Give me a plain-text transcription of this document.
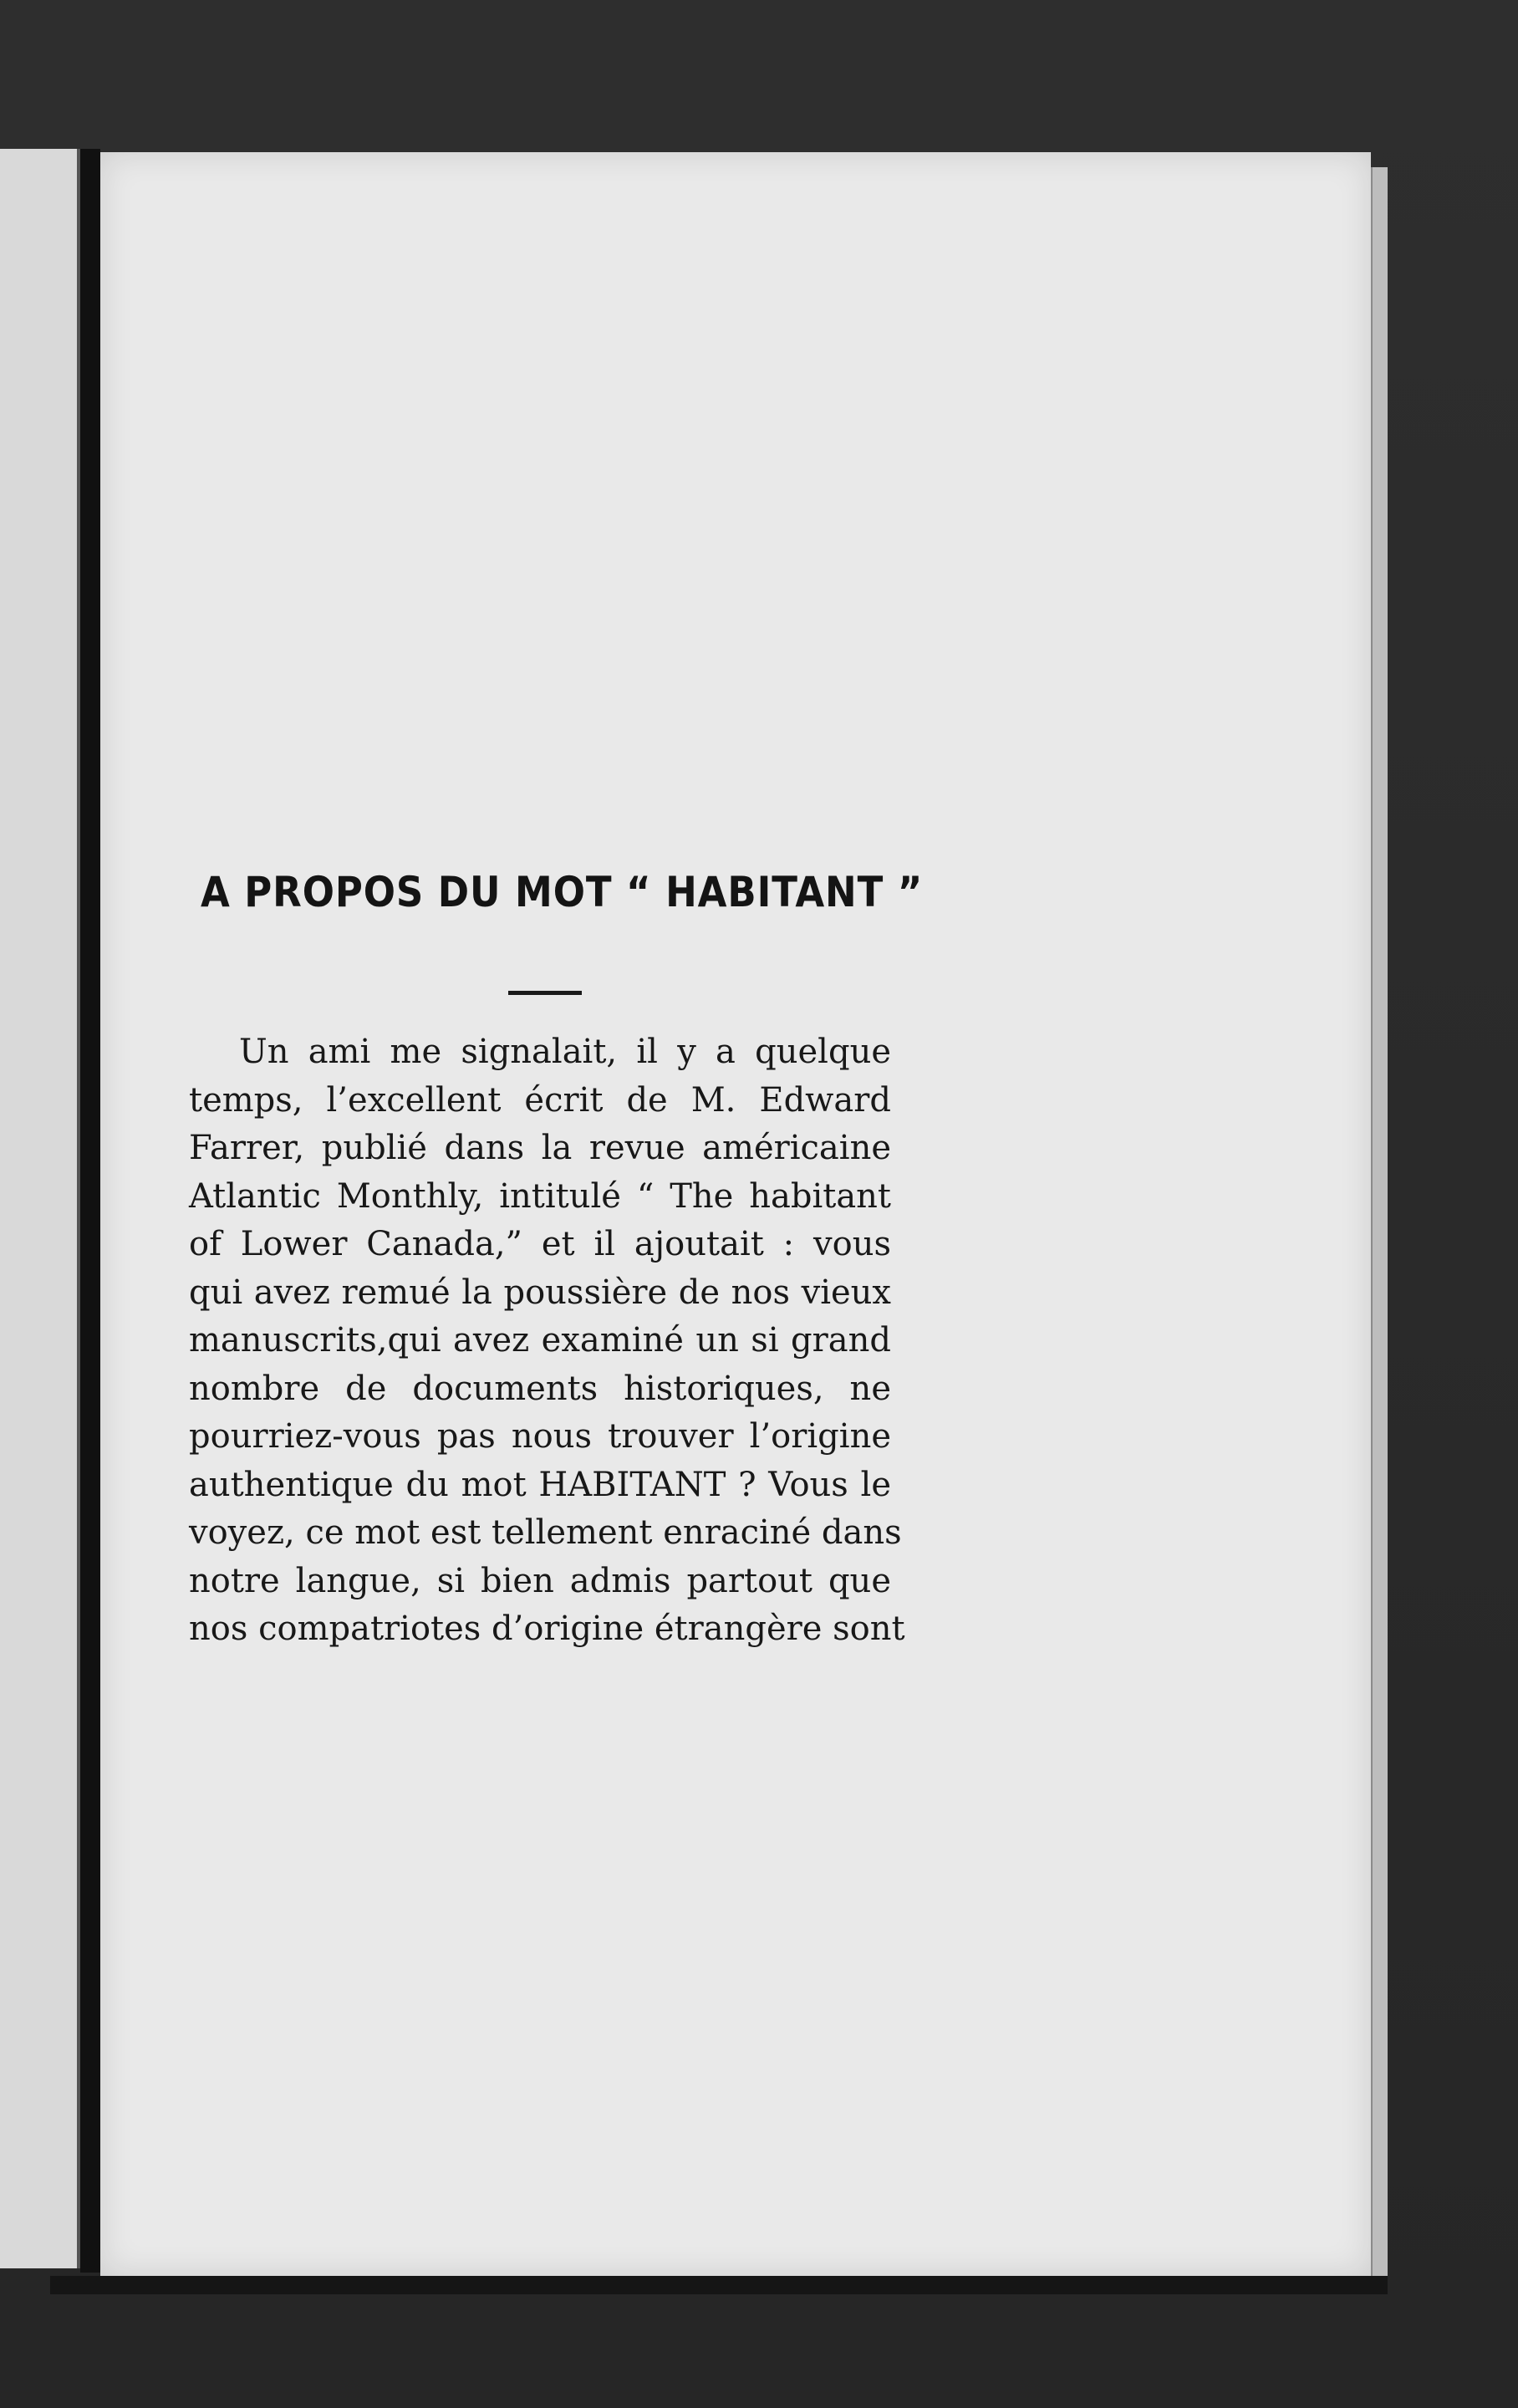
A PROPOS DU MOT “ HABITANT ”
Un ami me signalait, il y a quelque
temps, l’excellent écrit de M. Edward
Farrer, publié dans la revue américaine
Atlantic Monthly, intitulé “ The habitant
of Lower Canada,” et il ajoutait : vous
qui avez remué la poussière de nos vieux
manuscrits,qui avez examiné un si grand
nombre de documents historiques, ne
pourriez-vous pas nous trouver l’origine
authentique du mot HABITANT ? Vous le
voyez, ce mot est tellement enraciné dans
notre langue, si bien admis partout que
nos compatriotes d’origine étrangère sont
